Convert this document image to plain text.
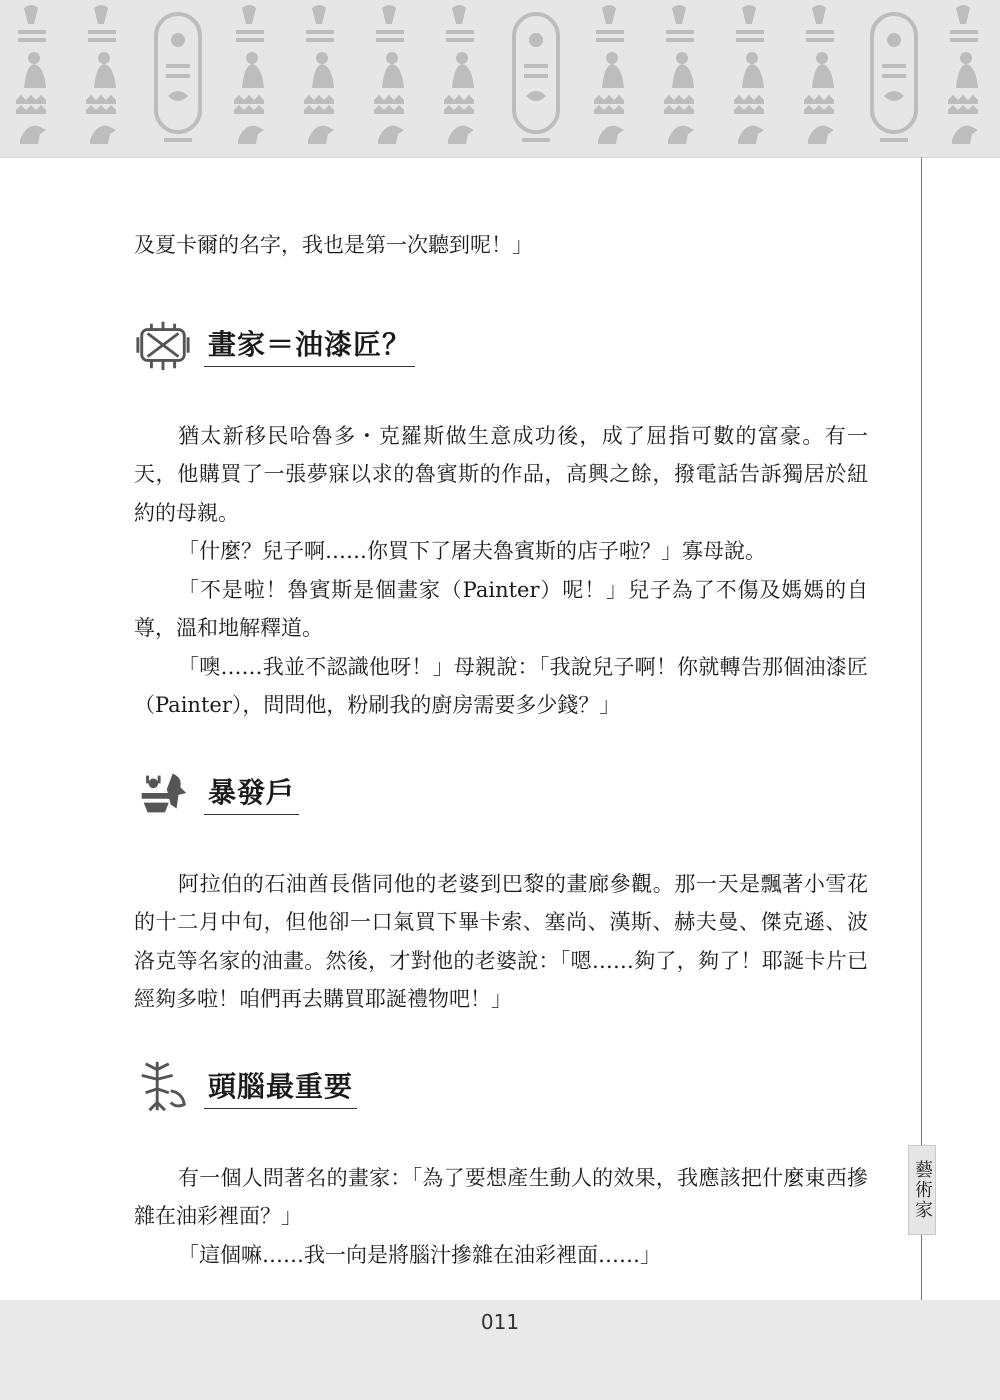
藝術家

及夏卡爾的名字，我也是第一次聽到呢！」

畫家＝油漆匠？

猶太新移民哈魯多・克羅斯做生意成功後，成了屈指可數的富豪。有一天，他購買了一張夢寐以求的魯賓斯的作品，高興之餘，撥電話告訴獨居於紐約的母親。

「什麼？兒子啊……你買下了屠夫魯賓斯的店子啦？」寡母說。

「不是啦！魯賓斯是個畫家（Painter）呢！」兒子為了不傷及媽媽的自尊，溫和地解釋道。

「噢……我並不認識他呀！」母親說：「我說兒子啊！你就轉告那個油漆匠（Painter），問問他，粉刷我的廚房需要多少錢？」

暴發戶

阿拉伯的石油酋長偕同他的老婆到巴黎的畫廊參觀。那一天是飄著小雪花的十二月中旬，但他卻一口氣買下畢卡索、塞尚、漢斯、赫夫曼、傑克遜、波洛克等名家的油畫。然後，才對他的老婆說：「嗯……夠了，夠了！耶誕卡片已經夠多啦！咱們再去購買耶誕禮物吧！」

頭腦最重要

有一個人問著名的畫家：「為了要想產生動人的效果，我應該把什麼東西摻雜在油彩裡面？」

「這個嘛……我一向是將腦汁摻雜在油彩裡面……」

011
